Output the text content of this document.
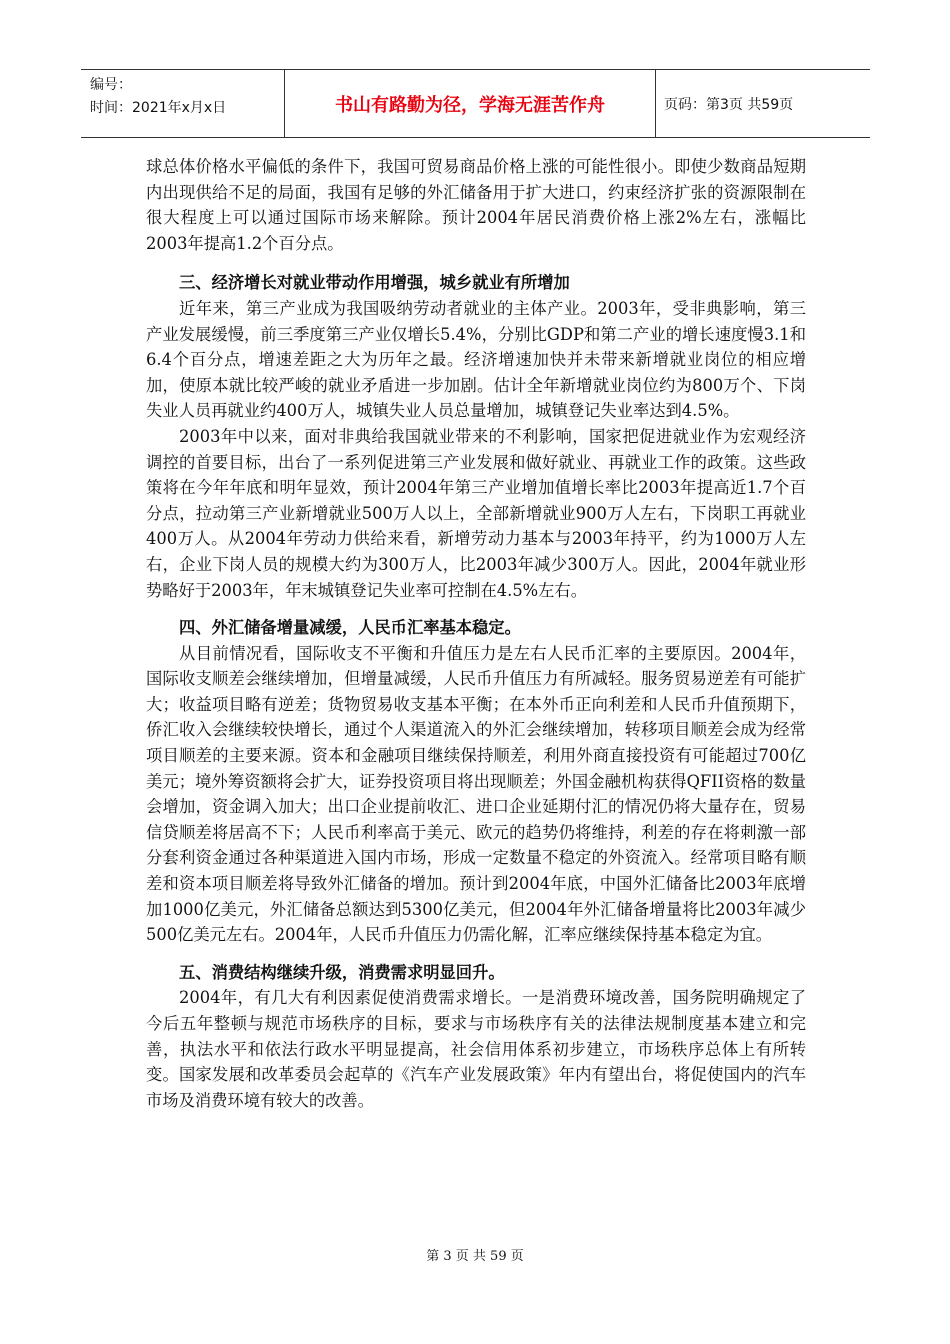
编号：
时间：2021年x月x日	书山有路勤为径，学海无涯苦作舟	页码：第3页 共59页

球总体价格水平偏低的条件下，我国可贸易商品价格上涨的可能性很小。即使少数商品短期内出现供给不足的局面，我国有足够的外汇储备用于扩大进口，约束经济扩张的资源限制在很大程度上可以通过国际市场来解除。预计2004年居民消费价格上涨2%左右，涨幅比2003年提高1.2个百分点。

三、经济增长对就业带动作用增强，城乡就业有所增加

近年来，第三产业成为我国吸纳劳动者就业的主体产业。2003年，受非典影响，第三产业发展缓慢，前三季度第三产业仅增长5.4%，分别比GDP和第二产业的增长速度慢3.1和6.4个百分点，增速差距之大为历年之最。经济增速加快并未带来新增就业岗位的相应增加，使原本就比较严峻的就业矛盾进一步加剧。估计全年新增就业岗位约为800万个、下岗失业人员再就业约400万人，城镇失业人员总量增加，城镇登记失业率达到4.5%。

2003年中以来，面对非典给我国就业带来的不利影响，国家把促进就业作为宏观经济调控的首要目标，出台了一系列促进第三产业发展和做好就业、再就业工作的政策。这些政策将在今年年底和明年显效，预计2004年第三产业增加值增长率比2003年提高近1.7个百分点，拉动第三产业新增就业500万人以上，全部新增就业900万人左右，下岗职工再就业400万人。从2004年劳动力供给来看，新增劳动力基本与2003年持平，约为1000万人左右，企业下岗人员的规模大约为300万人，比2003年减少300万人。因此，2004年就业形势略好于2003年，年末城镇登记失业率可控制在4.5%左右。

四、外汇储备增量减缓，人民币汇率基本稳定。

从目前情况看，国际收支不平衡和升值压力是左右人民币汇率的主要原因。2004年，国际收支顺差会继续增加，但增量减缓，人民币升值压力有所减轻。服务贸易逆差有可能扩大；收益项目略有逆差；货物贸易收支基本平衡；在本外币正向利差和人民币升值预期下，侨汇收入会继续较快增长，通过个人渠道流入的外汇会继续增加，转移项目顺差会成为经常项目顺差的主要来源。资本和金融项目继续保持顺差，利用外商直接投资有可能超过700亿美元；境外筹资额将会扩大，证券投资项目将出现顺差；外国金融机构获得QFII资格的数量会增加，资金调入加大；出口企业提前收汇、进口企业延期付汇的情况仍将大量存在，贸易信贷顺差将居高不下；人民币利率高于美元、欧元的趋势仍将维持，利差的存在将刺激一部分套利资金通过各种渠道进入国内市场，形成一定数量不稳定的外资流入。经常项目略有顺差和资本项目顺差将导致外汇储备的增加。预计到2004年底，中国外汇储备比2003年底增加1000亿美元，外汇储备总额达到5300亿美元，但2004年外汇储备增量将比2003年减少500亿美元左右。2004年，人民币升值压力仍需化解，汇率应继续保持基本稳定为宜。

五、消费结构继续升级，消费需求明显回升。

2004年，有几大有利因素促使消费需求增长。一是消费环境改善，国务院明确规定了今后五年整顿与规范市场秩序的目标，要求与市场秩序有关的法律法规制度基本建立和完善，执法水平和依法行政水平明显提高，社会信用体系初步建立，市场秩序总体上有所转变。国家发展和改革委员会起草的《汽车产业发展政策》年内有望出台，将促使国内的汽车市场及消费环境有较大的改善。

第 3 页 共 59 页
